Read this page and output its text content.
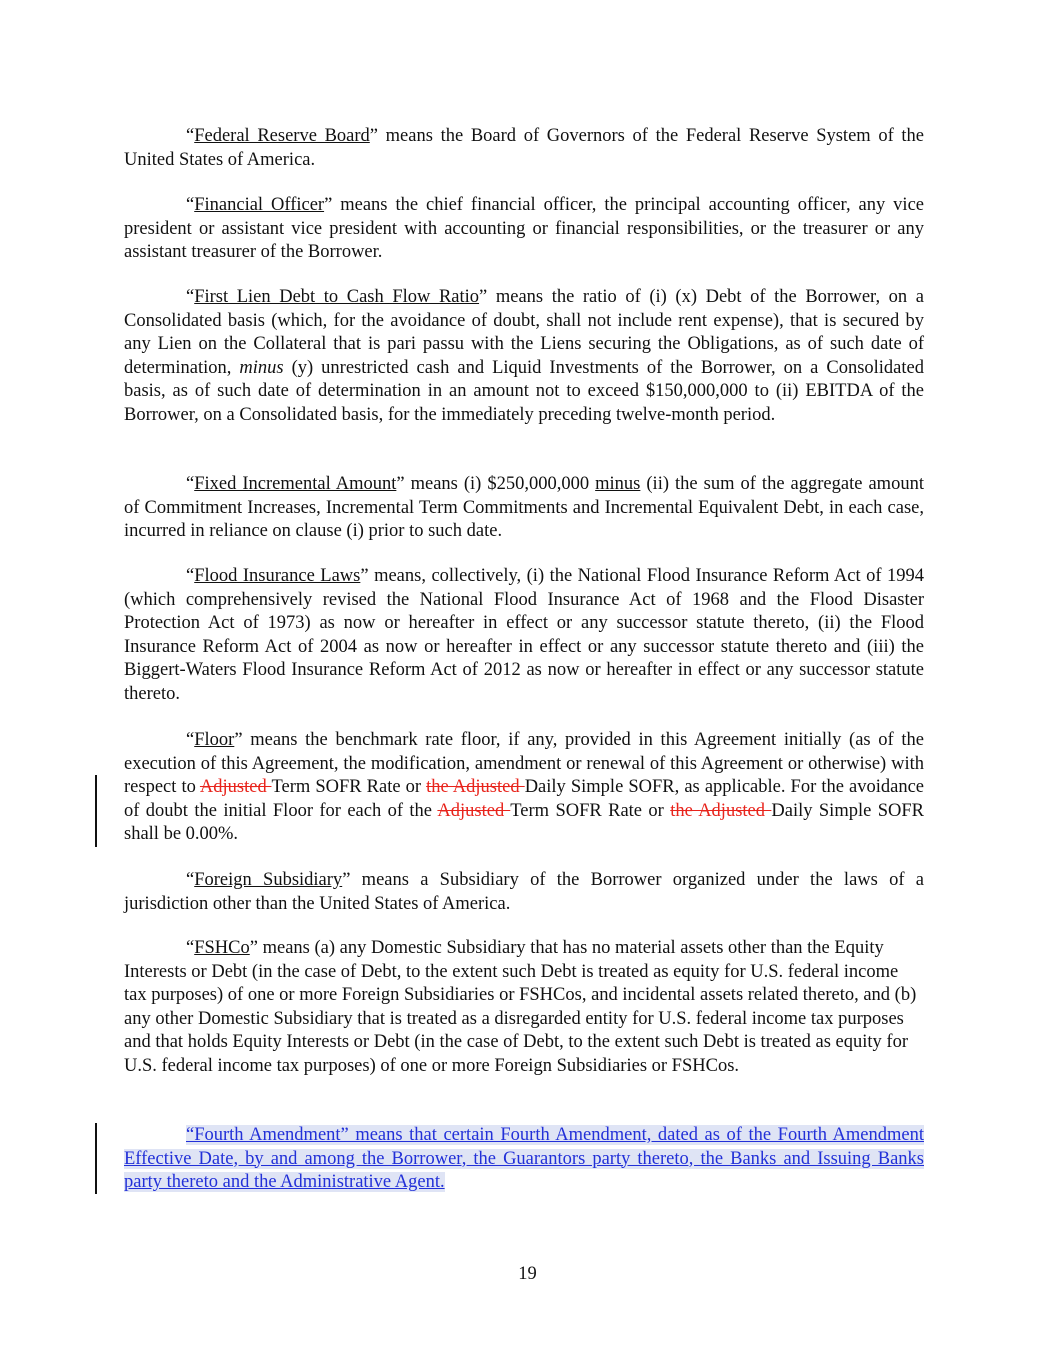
“Federal Reserve Board” means the Board of Governors of the Federal Reserve System of the United States of America.

“Financial Officer” means the chief financial officer, the principal accounting officer, any vice president or assistant vice president with accounting or financial responsibilities, or the treasurer or any assistant treasurer of the Borrower.

“First Lien Debt to Cash Flow Ratio” means the ratio of (i) (x) Debt of the Borrower, on a Consolidated basis (which, for the avoidance of doubt, shall not include rent expense), that is secured by any Lien on the Collateral that is pari passu with the Liens securing the Obligations, as of such date of determination, minus (y) unrestricted cash and Liquid Investments of the Borrower, on a Consolidated basis, as of such date of determination in an amount not to exceed $150,000,000 to (ii) EBITDA of the Borrower, on a Consolidated basis, for the immediately preceding twelve-month period.

“Fixed Incremental Amount” means (i) $250,000,000 minus (ii) the sum of the aggregate amount of Commitment Increases, Incremental Term Commitments and Incremental Equivalent Debt, in each case, incurred in reliance on clause (i) prior to such date.

“Flood Insurance Laws” means, collectively, (i) the National Flood Insurance Reform Act of 1994 (which comprehensively revised the National Flood Insurance Act of 1968 and the Flood Disaster Protection Act of 1973) as now or hereafter in effect or any successor statute thereto, (ii) the Flood Insurance Reform Act of 2004 as now or hereafter in effect or any successor statute thereto and (iii) the Biggert-Waters Flood Insurance Reform Act of 2012 as now or hereafter in effect or any successor statute thereto.

“Floor” means the benchmark rate floor, if any, provided in this Agreement initially (as of the execution of this Agreement, the modification, amendment or renewal of this Agreement or otherwise) with respect to Adjusted Term SOFR Rate or the Adjusted Daily Simple SOFR, as applicable. For the avoidance of doubt the initial Floor for each of the Adjusted Term SOFR Rate or the Adjusted Daily Simple SOFR shall be 0.00%.

“Foreign Subsidiary” means a Subsidiary of the Borrower organized under the laws of a jurisdiction other than the United States of America.

“FSHCo” means (a) any Domestic Subsidiary that has no material assets other than the Equity Interests or Debt (in the case of Debt, to the extent such Debt is treated as equity for U.S. federal income tax purposes) of one or more Foreign Subsidiaries or FSHCos, and incidental assets related thereto, and (b) any other Domestic Subsidiary that is treated as a disregarded entity for U.S. federal income tax purposes and that holds Equity Interests or Debt (in the case of Debt, to the extent such Debt is treated as equity for U.S. federal income tax purposes) of one or more Foreign Subsidiaries or FSHCos.

“Fourth Amendment” means that certain Fourth Amendment, dated as of the Fourth Amendment Effective Date, by and among the Borrower, the Guarantors party thereto, the Banks and Issuing Banks party thereto and the Administrative Agent.

19
